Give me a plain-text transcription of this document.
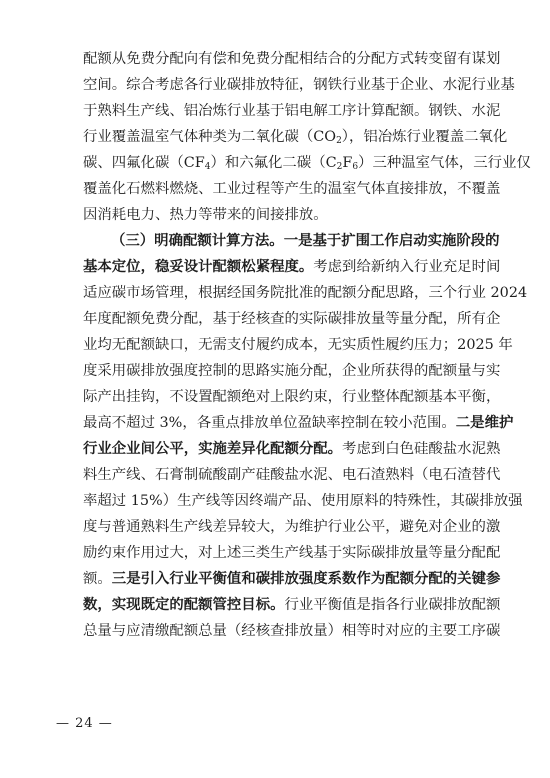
配额从免费分配向有偿和免费分配相结合的分配方式转变留有谋划
空间。综合考虑各行业碳排放特征，钢铁行业基于企业、水泥行业基
于熟料生产线、铝冶炼行业基于铝电解工序计算配额。钢铁、水泥
行业覆盖温室气体种类为二氧化碳$(CO_2)$，铝冶炼行业覆盖二氧化
碳、四氟化碳$(CF_4)$和六氟化二碳$(C_2F_6)$三种温室气体，三行业仅
覆盖化石燃料燃烧、工业过程等产生的温室气体直接排放，不覆盖
因消耗电力、热力等带来的间接排放。
（三）明确配额计算方法。一是基于扩围工作启动实施阶段的
基本定位，稳妥设计配额松紧程度。考虑到给新纳入行业充足时间
适应碳市场管理，根据经国务院批准的配额分配思路，三个行业 2024
年度配额免费分配，基于经核查的实际碳排放量等量分配，所有企
业均无配额缺口，无需支付履约成本，无实质性履约压力；2025 年
度采用碳排放强度控制的思路实施分配，企业所获得的配额量与实
际产出挂钩，不设置配额绝对上限约束，行业整体配额基本平衡，
最高不超过 3%，各重点排放单位盈缺率控制在较小范围。二是维护
行业企业间公平，实施差异化配额分配。考虑到白色硅酸盐水泥熟
料生产线、石膏制硫酸副产硅酸盐水泥、电石渣熟料（电石渣替代
率超过 15%）生产线等因终端产品、使用原料的特殊性，其碳排放强
度与普通熟料生产线差异较大，为维护行业公平，避免对企业的激
励约束作用过大，对上述三类生产线基于实际碳排放量等量分配配
额。三是引入行业平衡值和碳排放强度系数作为配额分配的关键参
数，实现既定的配额管控目标。行业平衡值是指各行业碳排放配额
总量与应清缴配额总量（经核查排放量）相等时对应的主要工序碳
— 24 —
